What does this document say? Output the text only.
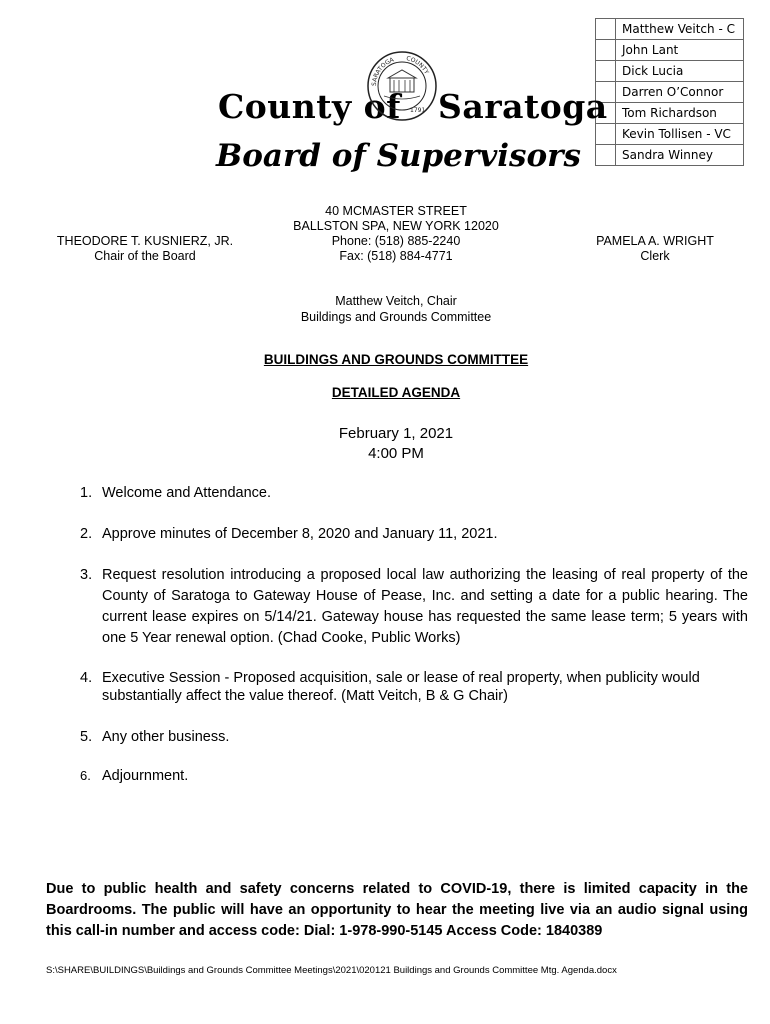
	Matthew Veitch - C
	John Lant
	Dick Lucia
	Darren O’Connor
	Tom Richardson
	Kevin Tollisen - VC
	Sandra Winney
County of
SARATOGA COUNTY
1791 Saratoga
Board of Supervisors
40 MCMASTER STREET
BALLSTON SPA, NEW YORK 12020
Phone: (518) 885-2240
Fax: (518) 884-4771
THEODORE T. KUSNIERZ, JR.
Chair of the Board
PAMELA A. WRIGHT
Clerk
Matthew Veitch, Chair
Buildings and Grounds Committee
BUILDINGS AND GROUNDS COMMITTEE
DETAILED AGENDA
February 1, 2021
4:00 PM
1. Welcome and Attendance.
2. Approve minutes of December 8, 2020 and January 11, 2021.
3. Request resolution introducing a proposed local law authorizing the leasing of real property of the County of Saratoga to Gateway House of Pease, Inc. and setting a date for a public hearing. The current lease expires on 5/14/21. Gateway house has requested the same lease term; 5 years with one 5 Year renewal option. (Chad Cooke, Public Works)
4. Executive Session - Proposed acquisition, sale or lease of real property, when publicity would substantially affect the value thereof. (Matt Veitch, B & G Chair)
5. Any other business.
6. Adjournment.
Due to public health and safety concerns related to COVID-19, there is limited capacity in the Boardrooms. The public will have an opportunity to hear the meeting live via an audio signal using this call-in number and access code: Dial: 1-978-990-5145 Access Code: 1840389
S:\SHARE\BUILDINGS\Buildings and Grounds Committee Meetings\2021\020121 Buildings and Grounds Committee Mtg. Agenda.docx
